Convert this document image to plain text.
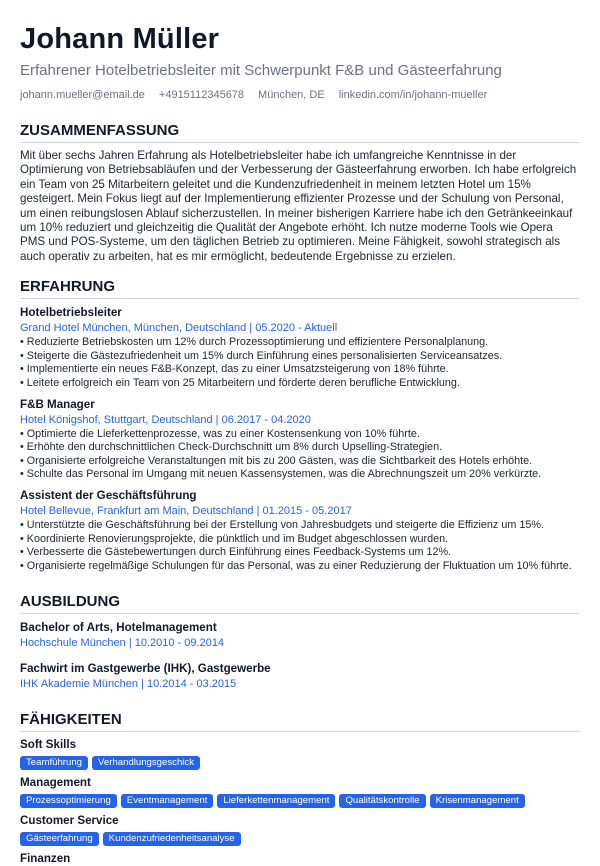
Johann Müller
Erfahrener Hotelbetriebsleiter mit Schwerpunkt F&B und Gästeerfahrung
johann.mueller@email.de +4915112345678 München, DE linkedin.com/in/johann-mueller
ZUSAMMENFASSUNG

Mit über sechs Jahren Erfahrung als Hotelbetriebsleiter habe ich umfangreiche Kenntnisse in der Optimierung von Betriebsabläufen und der Verbesserung der Gästeerfahrung erworben. Ich habe erfolgreich ein Team von 25 Mitarbeitern geleitet und die Kundenzufriedenheit in meinem letzten Hotel um 15% gesteigert. Mein Fokus liegt auf der Implementierung effizienter Prozesse und der Schulung von Personal, um einen reibungslosen Ablauf sicherzustellen. In meiner bisherigen Karriere habe ich den Getränkeeinkauf um 10% reduziert und gleichzeitig die Qualität der Angebote erhöht. Ich nutze moderne Tools wie Opera PMS und POS-Systeme, um den täglichen Betrieb zu optimieren. Meine Fähigkeit, sowohl strategisch als auch operativ zu arbeiten, hat es mir ermöglicht, bedeutende Ergebnisse zu erzielen.

ERFAHRUNG
Hotelbetriebsleiter
Grand Hotel München, München, Deutschland | 05.2020 - Aktuell
• Reduzierte Betriebskosten um 12% durch Prozessoptimierung und effizientere Personalplanung.
• Steigerte die Gästezufriedenheit um 15% durch Einführung eines personalisierten Serviceansatzes.
• Implementierte ein neues F&B-Konzept, das zu einer Umsatzsteigerung von 18% führte.
• Leitete erfolgreich ein Team von 25 Mitarbeitern und förderte deren berufliche Entwicklung.
F&B Manager
Hotel Königshof, Stuttgart, Deutschland | 06.2017 - 04.2020
• Optimierte die Lieferkettenprozesse, was zu einer Kostensenkung von 10% führte.
• Erhöhte den durchschnittlichen Check-Durchschnitt um 8% durch Upselling-Strategien.
• Organisierte erfolgreiche Veranstaltungen mit bis zu 200 Gästen, was die Sichtbarkeit des Hotels erhöhte.
• Schulte das Personal im Umgang mit neuen Kassensystemen, was die Abrechnungszeit um 20% verkürzte.
Assistent der Geschäftsführung
Hotel Bellevue, Frankfurt am Main, Deutschland | 01.2015 - 05.2017
• Unterstützte die Geschäftsführung bei der Erstellung von Jahresbudgets und steigerte die Effizienz um 15%.
• Koordinierte Renovierungsprojekte, die pünktlich und im Budget abgeschlossen wurden.
• Verbesserte die Gästebewertungen durch Einführung eines Feedback-Systems um 12%.
• Organisierte regelmäßige Schulungen für das Personal, was zu einer Reduzierung der Fluktuation um 10% führte.
AUSBILDUNG
Bachelor of Arts, Hotelmanagement
Hochschule München | 10.2010 - 09.2014
Fachwirt im Gastgewerbe (IHK), Gastgewerbe
IHK Akademie München | 10.2014 - 03.2015
FÄHIGKEITEN
Soft Skills
Teamführung	Verhandlungsgeschick
Management
Prozessoptimierung	Eventmanagement	Lieferkettenmanagement	Qualitätskontrolle	Krisenmanagement
Customer Service
Gästeerfahrung	Kundenzufriedenheitsanalyse
Finanzen
